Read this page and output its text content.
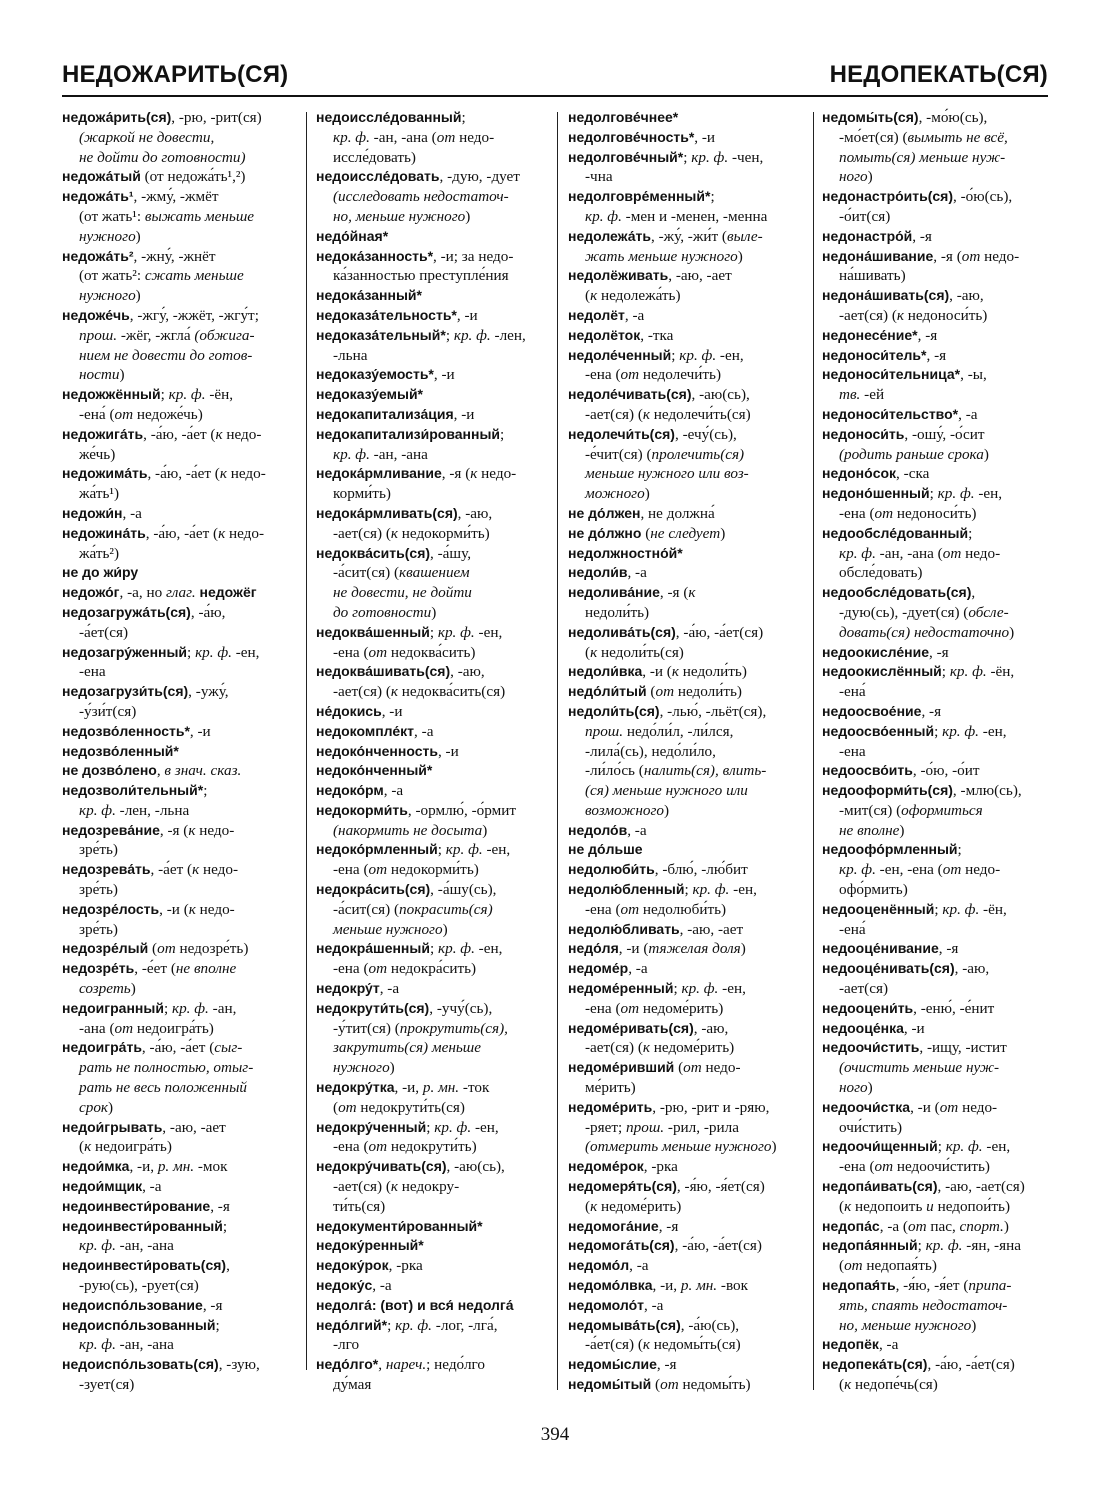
НЕДОЖАРИТЬ(СЯ)	НЕДОПЕКАТЬ(СЯ)
недожа́рить(ся), -рю, -рит(ся)
(жаркой не довести,
не дойти до готовности)
недожа́тый (от недожа́ть¹,²)
недожа́ть¹, -жму́, -жмёт
(от жать¹: выжать меньше
нужного)
недожа́ть², -жну́, -жнёт
(от жать²: сжать меньше
нужного)
недоже́чь, -жгу́, -жжёт, -жгу́т;
прош. -жёг, -жгла́ (обжига-
нием не довести до готов-
ности)
недожжённый; кр. ф. -ён,
-ена́ (от недоже́чь)
недожига́ть, -а́ю, -а́ет (к недо-
же́чь)
недожима́ть, -а́ю, -а́ет (к недо-
жа́ть¹)
недожи́н, -а
недожина́ть, -а́ю, -а́ет (к недо-
жа́ть²)
не до жи́ру
недожо́г, -а, но глаг. недожёг
недозагружа́ть(ся), -а́ю,
-а́ет(ся)
недозагру́женный; кр. ф. -ен,
-ена
недозагрузи́ть(ся), -ужу́,
-у́зи́т(ся)
недозво́ленность*, -и
недозво́ленный*
не дозво́лено, в знач. сказ.
недозволи́тельный*;
кр. ф. -лен, -льна
недозрева́ние, -я (к недо-
зре́ть)
недозрева́ть, -а́ет (к недо-
зре́ть)
недозре́лость, -и (к недо-
зре́ть)
недозре́лый (от недозре́ть)
недозре́ть, -е́ет (не вполне
созреть)
недоигранный; кр. ф. -ан,
-ана (от недоигра́ть)
недоигра́ть, -а́ю, -а́ет (сыг-
рать не полностью, отыг-
рать не весь положенный
срок)
недои́грывать, -аю, -ает
(к недоигра́ть)
недои́мка, -и, р. мн. -мок
недои́мщик, -а
недоинвести́рование, -я
недоинвести́рованный;
кр. ф. -ан, -ана
недоинвести́ровать(ся),
-рую(сь), -рует(ся)
недоиспо́льзование, -я
недоиспо́льзованный;
кр. ф. -ан, -ана
недоиспо́льзовать(ся), -зую,
-зует(ся)
недоиссле́дованный;
кр. ф. -ан, -ана (от недо-
иссле́довать)
недоиссле́довать, -дую, -дует
(исследовать недостаточ-
но, меньше нужного)
недо́йная*
недока́занность*, -и; за недо-
ка́занностью преступле́ния
недока́занный*
недоказа́тельность*, -и
недоказа́тельный*; кр. ф. -лен,
-льна
недоказу́емость*, -и
недоказу́емый*
недокапитализа́ция, -и
недокапитализи́рованный;
кр. ф. -ан, -ана
недока́рмливание, -я (к недо-
корми́ть)
недока́рмливать(ся), -аю,
-ает(ся) (к недокорми́ть)
недоква́сить(ся), -а́шу,
-а́сит(ся) (квашением
не довести, не дойти
до готовности)
недоква́шенный; кр. ф. -ен,
-ена (от недоква́сить)
недоква́шивать(ся), -аю,
-ает(ся) (к недоква́сить(ся)
не́докись, -и
недокомпле́кт, -а
недоко́нченность, -и
недоко́нченный*
недоко́рм, -а
недокорми́ть, -ормлю́, -о́рмит
(накормить не досыта)
недоко́рмленный; кр. ф. -ен,
-ена (от недокорми́ть)
недокра́сить(ся), -а́шу(сь),
-а́сит(ся) (покрасить(ся)
меньше нужного)
недокра́шенный; кр. ф. -ен,
-ена (от недокра́сить)
недокру́т, -а
недокрути́ть(ся), -учу́(сь),
-у́тит(ся) (прокрутить(ся),
закрутить(ся) меньше
нужного)
недокру́тка, -и, р. мн. -ток
(от недокрути́ть(ся)
недокру́ченный; кр. ф. -ен,
-ена (от недокрути́ть)
недокру́чивать(ся), -аю(сь),
-ает(ся) (к недокру-
ти́ть(ся)
недокументи́рованный*
недоку́ренный*
недоку́рок, -рка
недоку́с, -а
недолга́: (вот) и вся́ недолга́
недо́лгий*; кр. ф. -лог, -лга́,
-лго
недо́лго*, нареч.; недо́лго
ду́мая
недолгове́чнее*
недолгове́чность*, -и
недолгове́чный*; кр. ф. -чен,
-чна
недолговре́менный*;
кр. ф. -мен и -менен, -менна
недолежа́ть, -жу́, -жи́т (выле-
жать меньше нужного)
недолёживать, -аю, -ает
(к недолежа́ть)
недолёт, -а
недолёток, -тка
недоле́ченный; кр. ф. -ен,
-ена (от недолечи́ть)
недоле́чивать(ся), -аю(сь),
-ает(ся) (к недолечи́ть(ся)
недолечи́ть(ся), -ечу́(сь),
-е́чит(ся) (пролечить(ся)
меньше нужного или воз-
можного)
не до́лжен, не должна́
не до́лжно (не следует)
недолжностно́й*
недоли́в, -а
недолива́ние, -я (к
недоли́ть)
недолива́ть(ся), -а́ю, -а́ет(ся)
(к недоли́ть(ся)
недоли́вка, -и (к недоли́ть)
недо́ли́тый (от недоли́ть)
недоли́ть(ся), -лью́, -льёт(ся),
прош. недо́ли́л, -ли́лся,
-лила́(сь), недо́ли́ло,
-ли́ло́сь (налить(ся), влить-
(ся) меньше нужного или
возможного)
недоло́в, -а
не до́льше
недолюби́ть, -блю́, -лю́бит
недолю́бленный; кр. ф. -ен,
-ена (от недолюби́ть)
недолю́бливать, -аю, -ает
недо́ля, -и (тяжелая доля)
недоме́р, -а
недоме́ренный; кр. ф. -ен,
-ена (от недоме́рить)
недоме́ривать(ся), -аю,
-ает(ся) (к недоме́рить)
недоме́ривший (от недо-
ме́рить)
недоме́рить, -рю, -рит и -ряю,
-ряет; прош. -рил, -рила
(отмерить меньше нужного)
недоме́рок, -рка
недомеря́ть(ся), -я́ю, -я́ет(ся)
(к недоме́рить)
недомога́ние, -я
недомога́ть(ся), -а́ю, -а́ет(ся)
недомо́л, -а
недомо́лвка, -и, р. мн. -вок
недомоло́т, -а
недомыва́ть(ся), -а́ю(сь),
-а́ет(ся) (к недомы́ть(ся)
недомы́слие, -я
недомы́тый (от недомы́ть)
недомы́ть(ся), -мо́ю(сь),
-мо́ет(ся) (вымыть не всё,
помыть(ся) меньше нуж-
ного)
недонастро́ить(ся), -о́ю(сь),
-о́ит(ся)
недонастро́й, -я
недона́шивание, -я (от недо-
на́шивать)
недона́шивать(ся), -аю,
-ает(ся) (к недоноси́ть)
недонесе́ние*, -я
недоноси́тель*, -я
недоноси́тельница*, -ы,
тв. -ей
недоноси́тельство*, -а
недоноси́ть, -ошу́, -о́сит
(родить раньше срока)
недоно́сок, -ска
недоно́шенный; кр. ф. -ен,
-ена (от недоноси́ть)
недообсле́дованный;
кр. ф. -ан, -ана (от недо-
обсле́довать)
недообсле́довать(ся),
-дую(сь), -дует(ся) (обсле-
довать(ся) недостаточно)
недоокисле́ние, -я
недоокислённый; кр. ф. -ён,
-ена́
недоосвое́ние, -я
недоосво́енный; кр. ф. -ен,
-ена
недоосво́ить, -о́ю, -о́ит
недооформи́ть(ся), -млю(сь),
-мит(ся) (оформиться
не вполне)
недоофо́рмленный;
кр. ф. -ен, -ена (от недо-
офо́рмить)
недооценённый; кр. ф. -ён,
-ена́
недооце́нивание, -я
недооце́нивать(ся), -аю,
-ает(ся)
недооцени́ть, -еню́, -е́нит
недооце́нка, -и
недоочи́стить, -ищу, -истит
(очистить меньше нуж-
ного)
недоочи́стка, -и (от недо-
очи́стить)
недоочи́щенный; кр. ф. -ен,
-ена (от недоочи́стить)
недопа́ивать(ся), -аю, -ает(ся)
(к недопоить и недопои́ть)
недопа́с, -а (от пас, спорт.)
недопа́янный; кр. ф. -ян, -яна
(от недопая́ть)
недопая́ть, -я́ю, -я́ет (припа-
ять, спаять недостаточ-
но, меньше нужного)
недопёк, -а
недопека́ть(ся), -а́ю, -а́ет(ся)
(к недопе́чь(ся)
394
